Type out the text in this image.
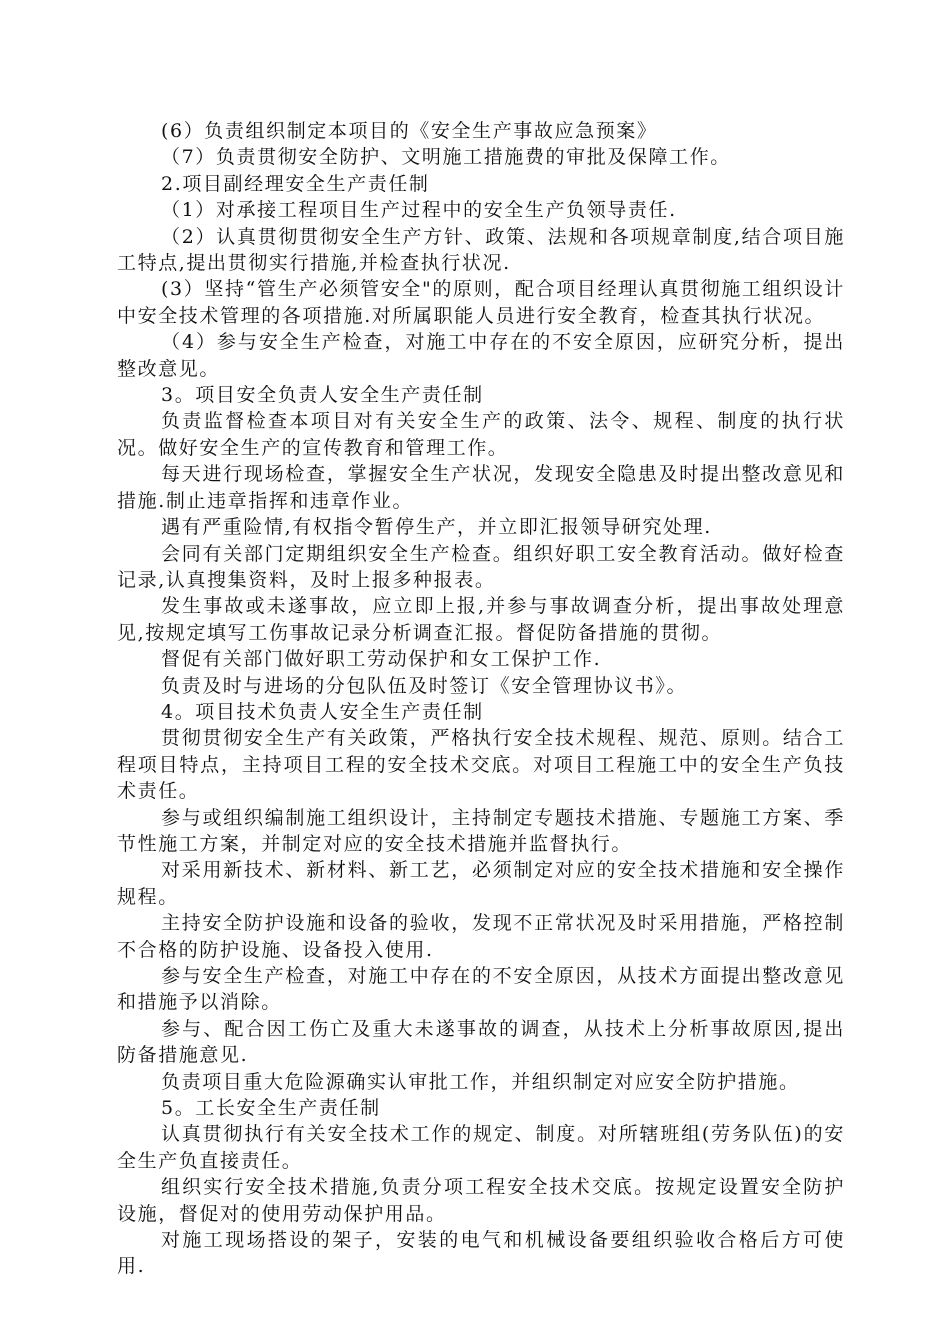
(6）负责组织制定本项目的《安全生产事故应急预案》

（7）负责贯彻安全防护、文明施工措施费的审批及保障工作。

2.项目副经理安全生产责任制

（1）对承接工程项目生产过程中的安全生产负领导责任.

（2）认真贯彻贯彻安全生产方针、政策、法规和各项规章制度,结合项目施工特点,提出贯彻实行措施,并检查执行状况.

(3）坚持“管生产必须管安全"的原则，配合项目经理认真贯彻施工组织设计中安全技术管理的各项措施.对所属职能人员进行安全教育，检查其执行状况。

（4）参与安全生产检查，对施工中存在的不安全原因，应研究分析，提出整改意见。

3。项目安全负责人安全生产责任制

负责监督检查本项目对有关安全生产的政策、法令、规程、制度的执行状况。做好安全生产的宣传教育和管理工作。

每天进行现场检查，掌握安全生产状况，发现安全隐患及时提出整改意见和措施.制止违章指挥和违章作业。

遇有严重险情,有权指令暂停生产，并立即汇报领导研究处理.

会同有关部门定期组织安全生产检查。组织好职工安全教育活动。做好检查记录,认真搜集资料，及时上报多种报表。

发生事故或未遂事故，应立即上报,并参与事故调查分析，提出事故处理意见,按规定填写工伤事故记录分析调查汇报。督促防备措施的贯彻。

督促有关部门做好职工劳动保护和女工保护工作.

负责及时与进场的分包队伍及时签订《安全管理协议书》。

4。项目技术负责人安全生产责任制

贯彻贯彻安全生产有关政策，严格执行安全技术规程、规范、原则。结合工程项目特点，主持项目工程的安全技术交底。对项目工程施工中的安全生产负技术责任。

参与或组织编制施工组织设计，主持制定专题技术措施、专题施工方案、季节性施工方案，并制定对应的安全技术措施并监督执行。

对采用新技术、新材料、新工艺，必须制定对应的安全技术措施和安全操作规程。

主持安全防护设施和设备的验收，发现不正常状况及时采用措施，严格控制不合格的防护设施、设备投入使用.

参与安全生产检查，对施工中存在的不安全原因，从技术方面提出整改意见和措施予以消除。

参与、配合因工伤亡及重大未遂事故的调查，从技术上分析事故原因,提出防备措施意见.

负责项目重大危险源确实认审批工作，并组织制定对应安全防护措施。

5。工长安全生产责任制

认真贯彻执行有关安全技术工作的规定、制度。对所辖班组(劳务队伍)的安全生产负直接责任。

组织实行安全技术措施,负责分项工程安全技术交底。按规定设置安全防护设施，督促对的使用劳动保护用品。

对施工现场搭设的架子，安装的电气和机械设备要组织验收合格后方可使用.
